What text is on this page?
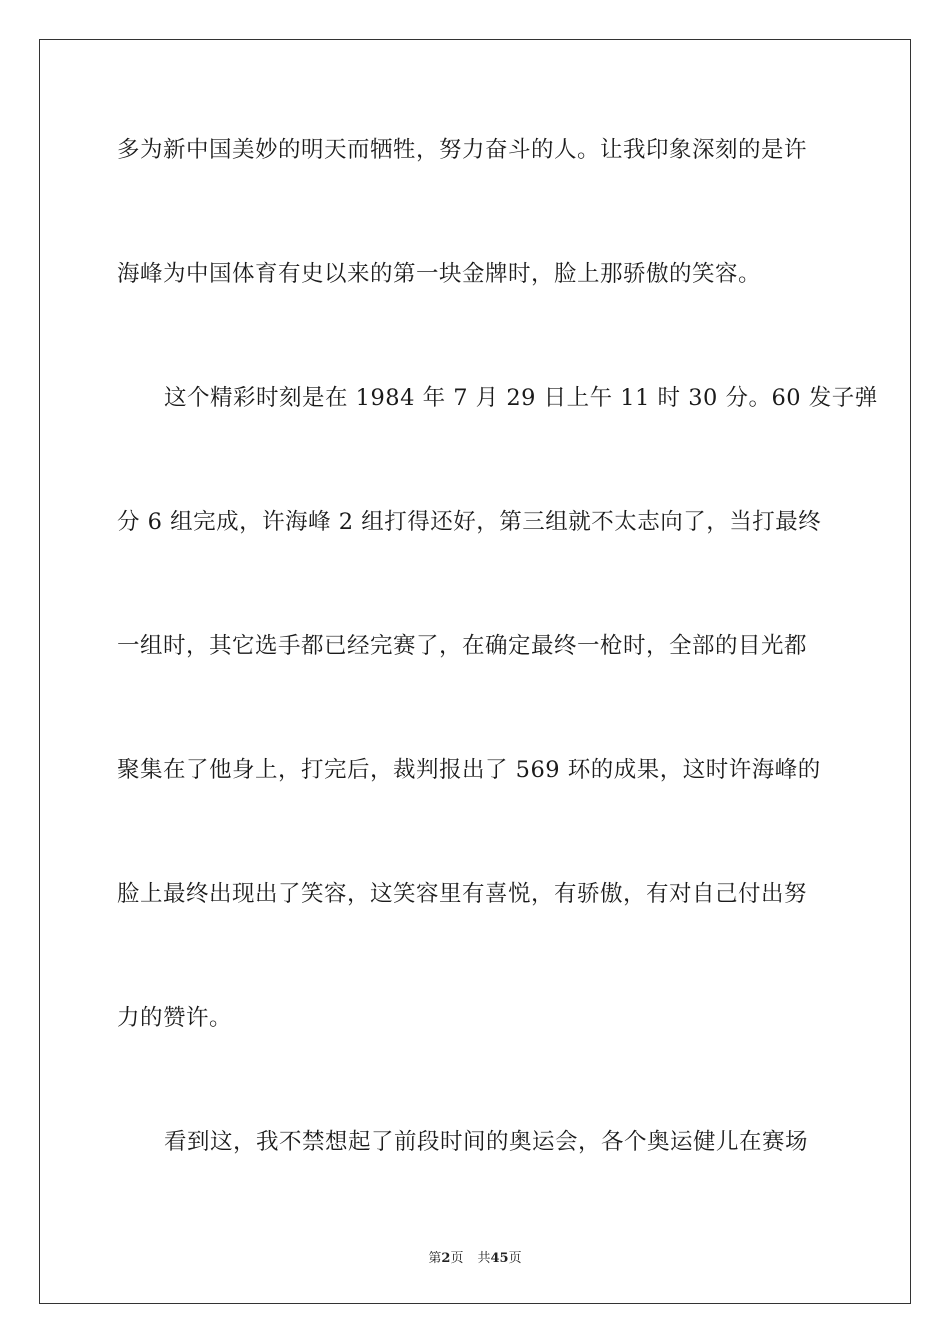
多为新中国美妙的明天而牺牲，努力奋斗的人。让我印象深刻的是许
海峰为中国体育有史以来的第一块金牌时，脸上那骄傲的笑容。
这个精彩时刻是在 1984 年 7 月 29 日上午 11 时 30 分。60 发子弹
分 6 组完成，许海峰 2 组打得还好，第三组就不太志向了，当打最终
一组时，其它选手都已经完赛了，在确定最终一枪时，全部的目光都
聚集在了他身上，打完后，裁判报出了 569 环的成果，这时许海峰的
脸上最终出现出了笑容，这笑容里有喜悦，有骄傲，有对自己付出努
力的赞许。
看到这，我不禁想起了前段时间的奥运会，各个奥运健儿在赛场
第2页 共45页
